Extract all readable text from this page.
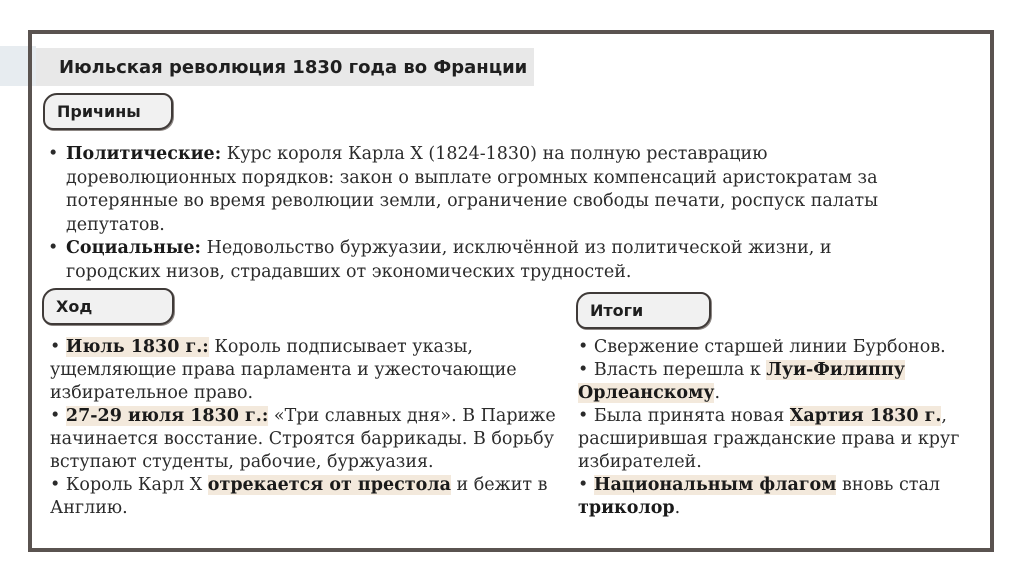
Июльская революция 1830 года во Франции
Причины
• Политические: Курс короля Карла X (1824-1830) на полную реставрацию дореволюционных порядков: закон о выплате огромных компенсаций аристократам за потерянные во время революции земли, ограничение свободы печати, роспуск палаты депутатов.
• Социальные: Недовольство буржуазии, исключённой из политической жизни, и городских низов, страдавших от экономических трудностей.
Ход
• Июль 1830 г.: Король подписывает указы, ущемляющие права парламента и ужесточающие избирательное право.
• 27-29 июля 1830 г.: «Три славных дня». В Париже начинается восстание. Строятся баррикады. В борьбу вступают студенты, рабочие, буржуазия.
• Король Карл X отрекается от престола и бежит в Англию.
Итоги
• Свержение старшей линии Бурбонов.
• Власть перешла к Луи-Филиппу Орлеанскому.
• Была принята новая Хартия 1830 г., расширившая гражданские права и круг избирателей.
• Национальным флагом вновь стал триколор.
